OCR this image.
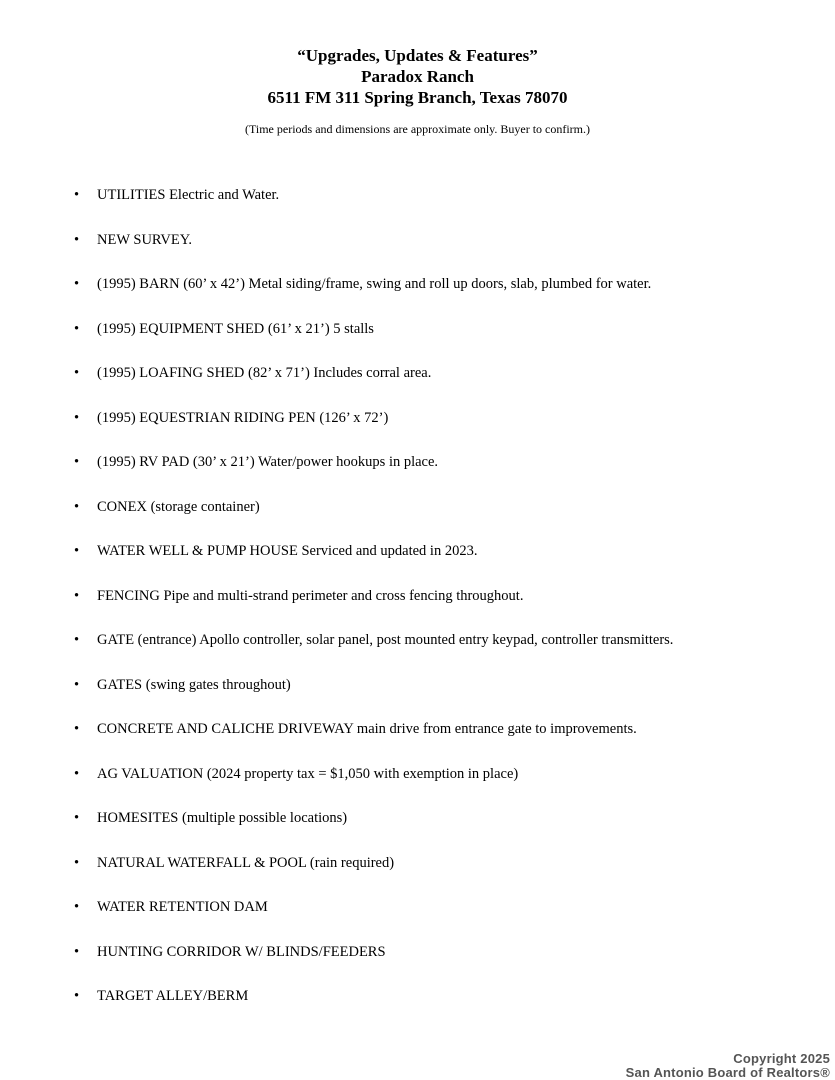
“Upgrades, Updates & Features”
Paradox Ranch
6511 FM 311 Spring Branch, Texas 78070
(Time periods and dimensions are approximate only. Buyer to confirm.)
• UTILITIES Electric and Water.
• NEW SURVEY.
• (1995) BARN (60’ x 42’) Metal siding/frame, swing and roll up doors, slab, plumbed for water.
• (1995) EQUIPMENT SHED (61’ x 21’) 5 stalls
• (1995) LOAFING SHED (82’ x 71’) Includes corral area.
• (1995) EQUESTRIAN RIDING PEN (126’ x 72’)
• (1995) RV PAD (30’ x 21’) Water/power hookups in place.
• CONEX (storage container)
• WATER WELL & PUMP HOUSE Serviced and updated in 2023.
• FENCING Pipe and multi-strand perimeter and cross fencing throughout.
• GATE (entrance) Apollo controller, solar panel, post mounted entry keypad, controller transmitters.
• GATES (swing gates throughout)
• CONCRETE AND CALICHE DRIVEWAY main drive from entrance gate to improvements.
• AG VALUATION (2024 property tax = $1,050 with exemption in place)
• HOMESITES (multiple possible locations)
• NATURAL WATERFALL & POOL (rain required)
• WATER RETENTION DAM
• HUNTING CORRIDOR W/ BLINDS/FEEDERS
• TARGET ALLEY/BERM
Copyright 2025
San Antonio Board of Realtors®
